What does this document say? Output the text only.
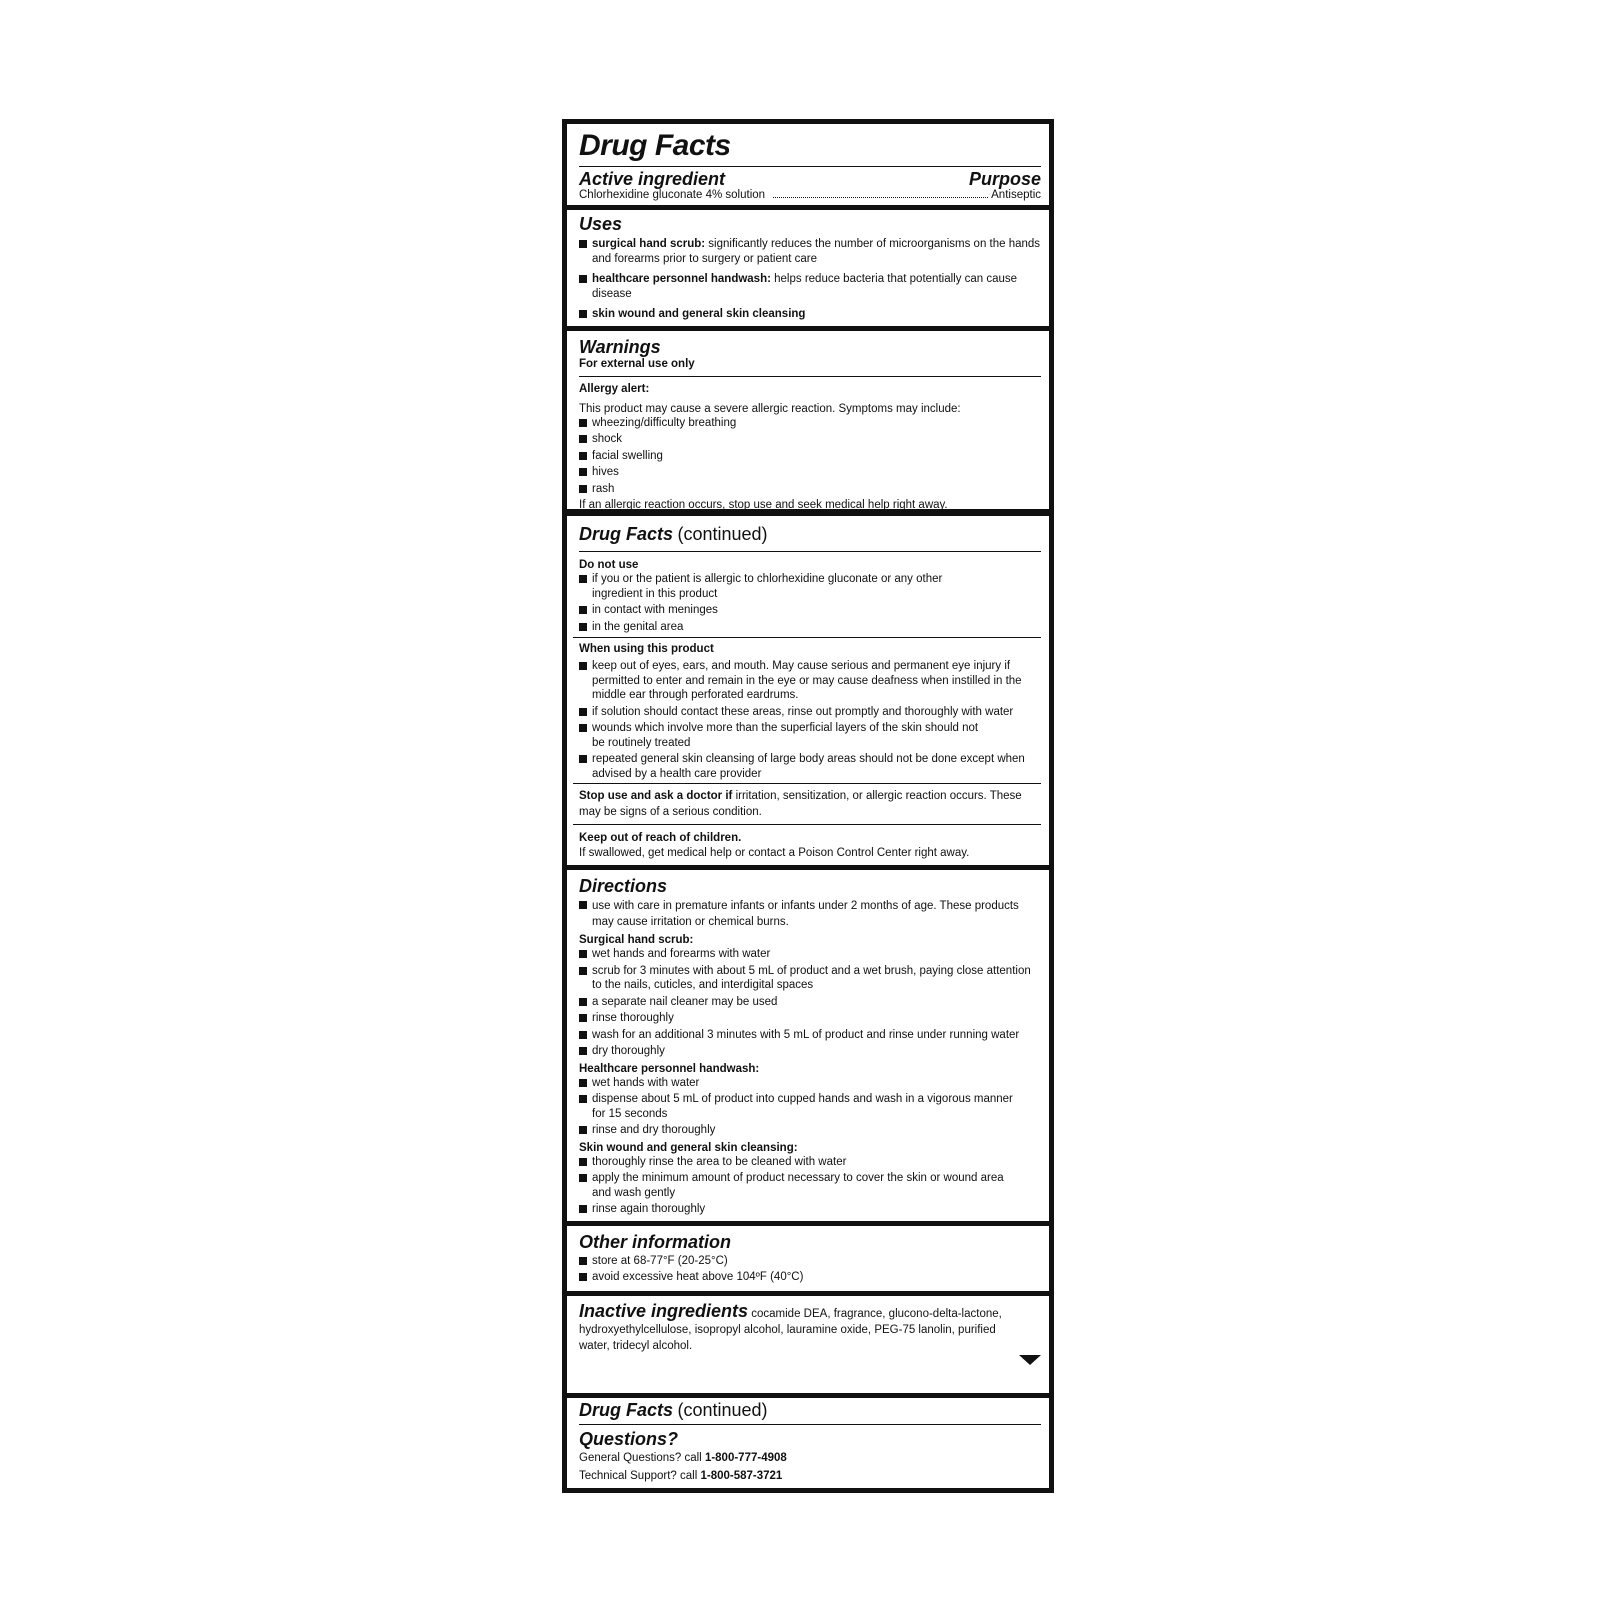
Drug Facts
Active ingredient	Purpose
Chlorhexidine gluconate 4% solution	Antiseptic
Uses
surgical hand scrub: significantly reduces the number of microorganisms on the hands and forearms prior to surgery or patient care
healthcare personnel handwash: helps reduce bacteria that potentially can cause disease
skin wound and general skin cleansing
Warnings
For external use only
Allergy alert:
This product may cause a severe allergic reaction. Symptoms may include:
wheezing/difficulty breathing
shock
facial swelling
hives
rash
If an allergic reaction occurs, stop use and seek medical help right away.
Drug Facts (continued)
Do not use
if you or the patient is allergic to chlorhexidine gluconate or any other ingredient in this product
in contact with meninges
in the genital area
When using this product
keep out of eyes, ears, and mouth. May cause serious and permanent eye injury if permitted to enter and remain in the eye or may cause deafness when instilled in the middle ear through perforated eardrums.
if solution should contact these areas, rinse out promptly and thoroughly with water
wounds which involve more than the superficial layers of the skin should not be routinely treated
repeated general skin cleansing of large body areas should not be done except when advised by a health care provider
Stop use and ask a doctor if irritation, sensitization, or allergic reaction occurs. These may be signs of a serious condition.
Keep out of reach of children.
If swallowed, get medical help or contact a Poison Control Center right away.
Directions
use with care in premature infants or infants under 2 months of age. These products may cause irritation or chemical burns.
Surgical hand scrub:
wet hands and forearms with water
scrub for 3 minutes with about 5 mL of product and a wet brush, paying close attention to the nails, cuticles, and interdigital spaces
a separate nail cleaner may be used
rinse thoroughly
wash for an additional 3 minutes with 5 mL of product and rinse under running water
dry thoroughly
Healthcare personnel handwash:
wet hands with water
dispense about 5 mL of product into cupped hands and wash in a vigorous manner for 15 seconds
rinse and dry thoroughly
Skin wound and general skin cleansing:
thoroughly rinse the area to be cleaned with water
apply the minimum amount of product necessary to cover the skin or wound area and wash gently
rinse again thoroughly
Other information
store at 68-77°F (20-25°C)
avoid excessive heat above 104ºF (40°C)
Inactive ingredients cocamide DEA, fragrance, glucono-delta-lactone, hydroxyethylcellulose, isopropyl alcohol, lauramine oxide, PEG-75 lanolin, purified water, tridecyl alcohol.
Drug Facts (continued)
Questions?
General Questions? call 1-800-777-4908
Technical Support? call 1-800-587-3721
